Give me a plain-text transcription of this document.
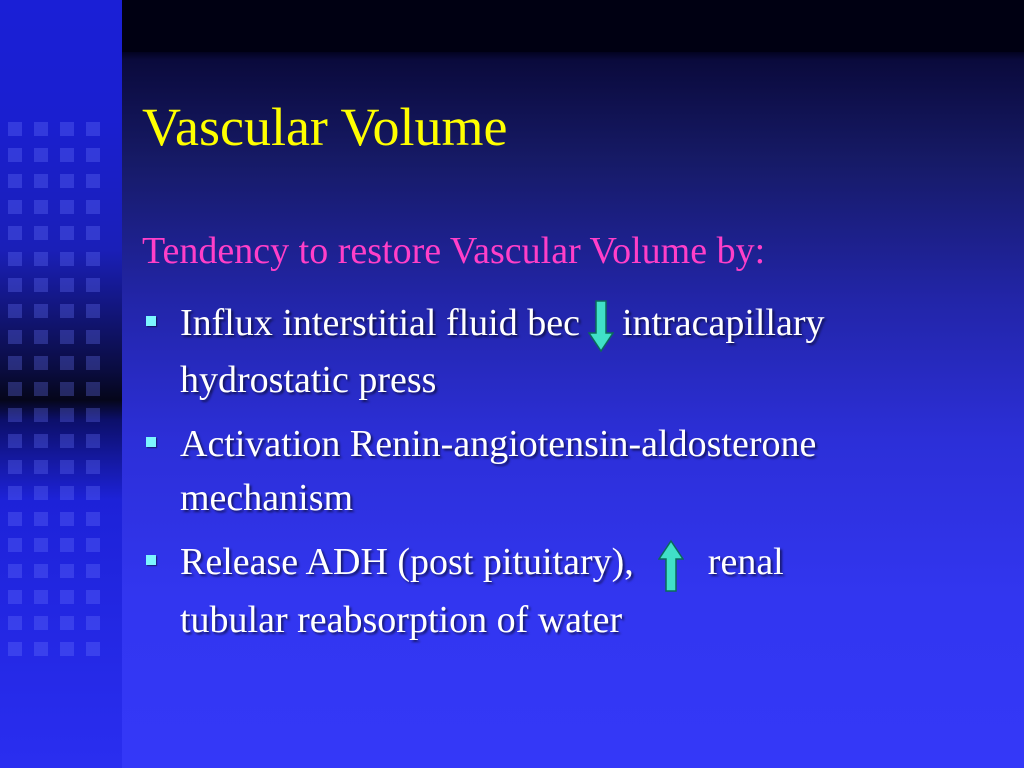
Vascular Volume
Tendency to restore Vascular Volume by:
Influx interstitial fluid bec intracapillary
hydrostatic press
Activation Renin-angiotensin-aldosterone
mechanism
Release ADH (post pituitary), renal
tubular reabsorption of water
